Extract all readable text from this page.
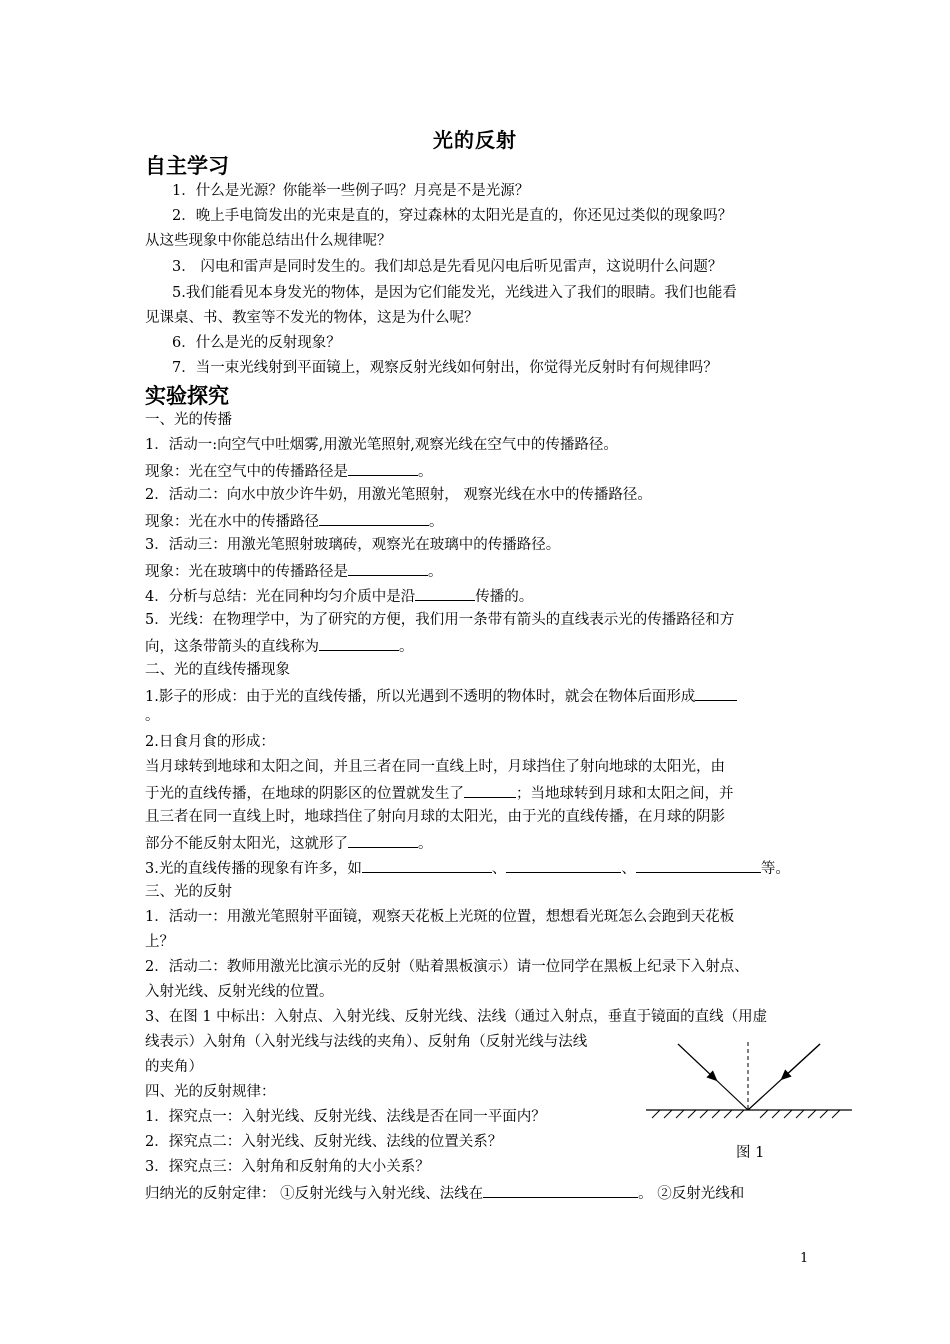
光的反射
自主学习
1．什么是光源？你能举一些例子吗？月亮是不是光源？
2．晚上手电筒发出的光束是直的，穿过森林的太阳光是直的，你还见过类似的现象吗？
从这些现象中你能总结出什么规律呢？
3． 闪电和雷声是同时发生的。我们却总是先看见闪电后听见雷声，这说明什么问题？
5.我们能看见本身发光的物体，是因为它们能发光，光线进入了我们的眼睛。我们也能看
见课桌、书、教室等不发光的物体，这是为什么呢？
6．什么是光的反射现象？
7．当一束光线射到平面镜上，观察反射光线如何射出，你觉得光反射时有何规律吗？
实验探究
一、光的传播
1．活动一:向空气中吐烟雾,用激光笔照射,观察光线在空气中的传播路径。
现象：光在空气中的传播路径是	。
2．活动二：向水中放少许牛奶，用激光笔照射， 观察光线在水中的传播路径。
现象：光在水中的传播路径	。
3．活动三：用激光笔照射玻璃砖，观察光在玻璃中的传播路径。
现象：光在玻璃中的传播路径是	。
4．分析与总结：光在同种均匀介质中是沿	传播的。
5．光线：在物理学中，为了研究的方便，我们用一条带有箭头的直线表示光的传播路径和方
向，这条带箭头的直线称为	。
二、光的直线传播现象
1.影子的形成：由于光的直线传播，所以光遇到不透明的物体时，就会在物体后面形成
。
2.日食月食的形成：
当月球转到地球和太阳之间，并且三者在同一直线上时，月球挡住了射向地球的太阳光，由
于光的直线传播，在地球的阴影区的位置就发生了	；当地球转到月球和太阳之间，并
且三者在同一直线上时，地球挡住了射向月球的太阳光，由于光的直线传播，在月球的阴影
部分不能反射太阳光，这就形了	。
3.光的直线传播的现象有许多，如	、	、	等。
三、光的反射
1．活动一：用激光笔照射平面镜，观察天花板上光斑的位置，想想看光斑怎么会跑到天花板
上？
2．活动二：教师用激光比演示光的反射（贴着黑板演示）请一位同学在黑板上纪录下入射点、
入射光线、反射光线的位置。
3、在图 1 中标出：入射点、入射光线、反射光线、法线（通过入射点，垂直于镜面的直线（用虚
线表示）入射角（入射光线与法线的夹角）、反射角（反射光线与法线
的夹角）
四、光的反射规律：
1．探究点一：入射光线、反射光线、法线是否在同一平面内？
2．探究点二：入射光线、反射光线、法线的位置关系？
3．探究点三：入射角和反射角的大小关系？
归纳光的反射定律： ①反射光线与入射光线、法线在	。 ②反射光线和
图 1
1
